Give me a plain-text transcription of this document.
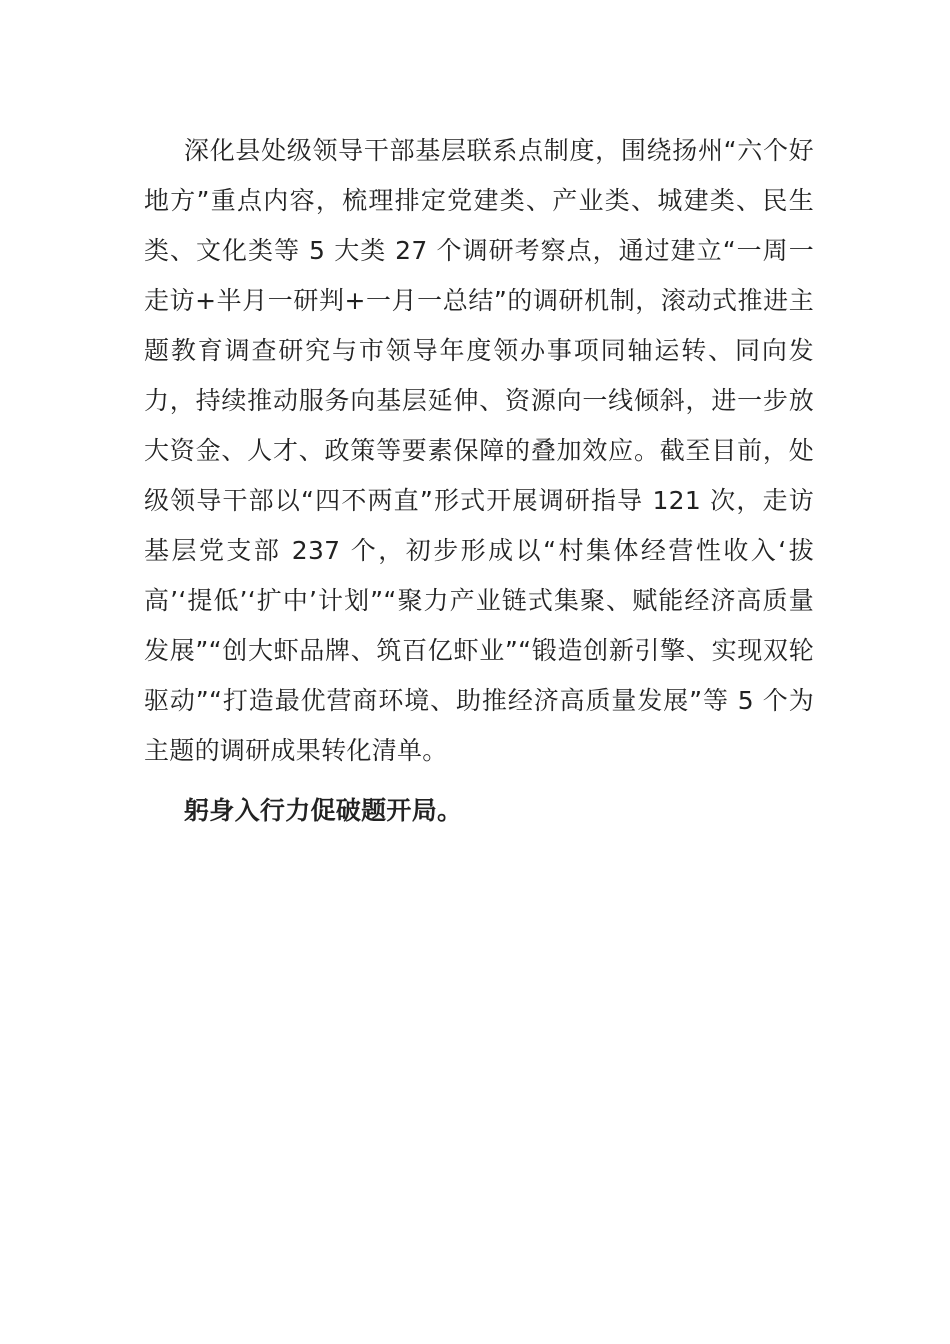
深化县处级领导干部基层联系点制度，围绕扬州“六个好地方”重点内容，梳理排定党建类、产业类、城建类、民生类、文化类等 5 大类 27 个调研考察点，通过建立“一周一走访+半月一研判+一月一总结”的调研机制，滚动式推进主题教育调查研究与市领导年度领办事项同轴运转、同向发力，持续推动服务向基层延伸、资源向一线倾斜，进一步放大资金、人才、政策等要素保障的叠加效应。截至目前，处级领导干部以“四不两直”形式开展调研指导 121 次，走访基层党支部 237 个，初步形成以“村集体经营性收入‘拔高’‘提低’‘扩中’计划”“聚力产业链式集聚、赋能经济高质量发展”“创大虾品牌、筑百亿虾业”“锻造创新引擎、实现双轮驱动”“打造最优营商环境、助推经济高质量发展”等 5 个为主题的调研成果转化清单。

躬身入行力促破题开局。
